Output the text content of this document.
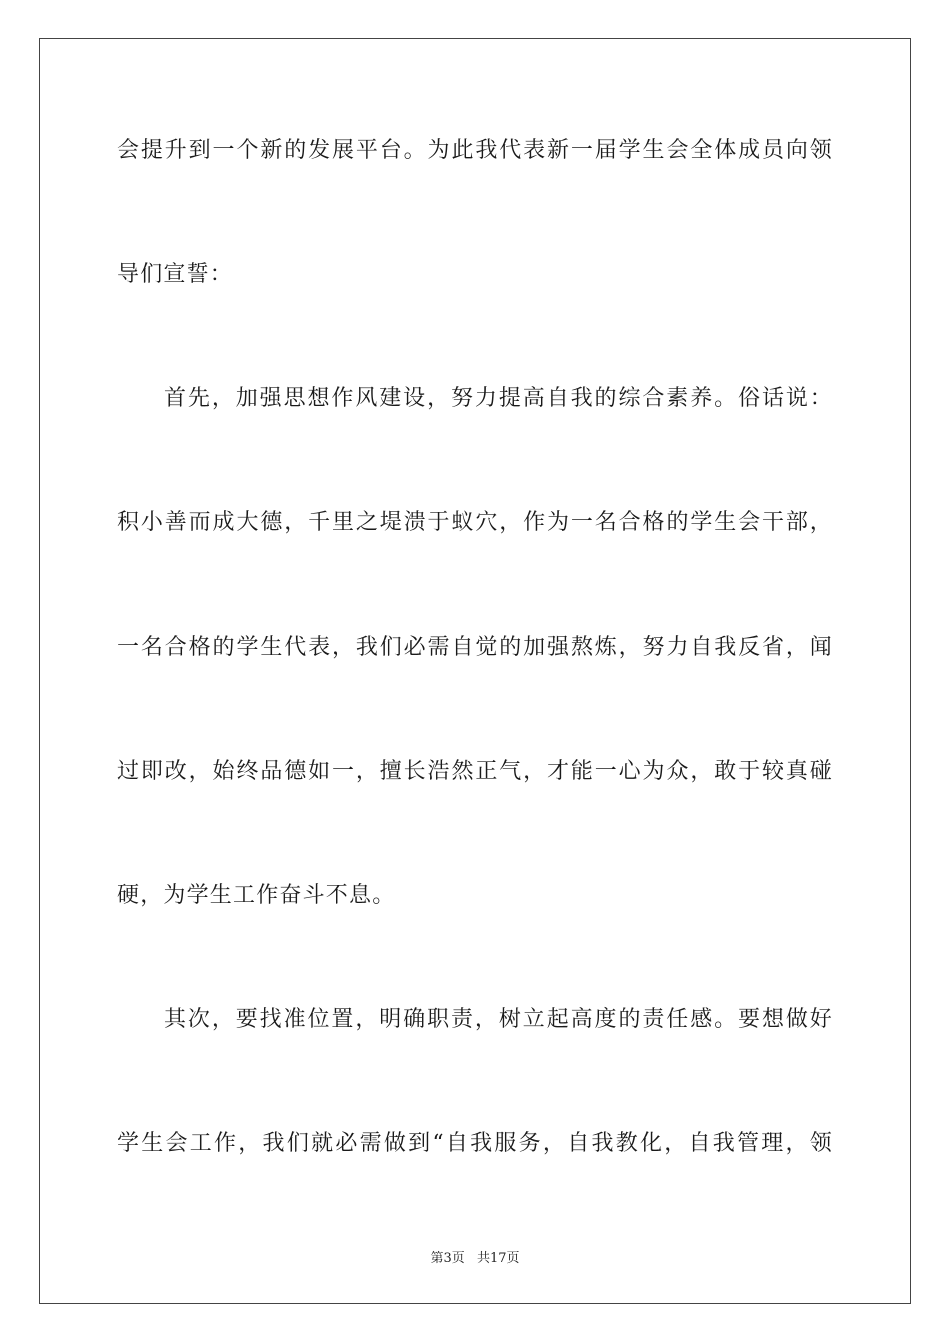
会提升到一个新的发展平台。为此我代表新一届学生会全体成员向领
导们宣誓：
首先，加强思想作风建设，努力提高自我的综合素养。俗话说：
积小善而成大德，千里之堤溃于蚁穴，作为一名合格的学生会干部，
一名合格的学生代表，我们必需自觉的加强熬炼，努力自我反省，闻
过即改，始终品德如一，擅长浩然正气，才能一心为众，敢于较真碰
硬，为学生工作奋斗不息。
其次，要找准位置，明确职责，树立起高度的责任感。要想做好
学生会工作，我们就必需做到“自我服务，自我教化，自我管理，领
第3页 共17页
